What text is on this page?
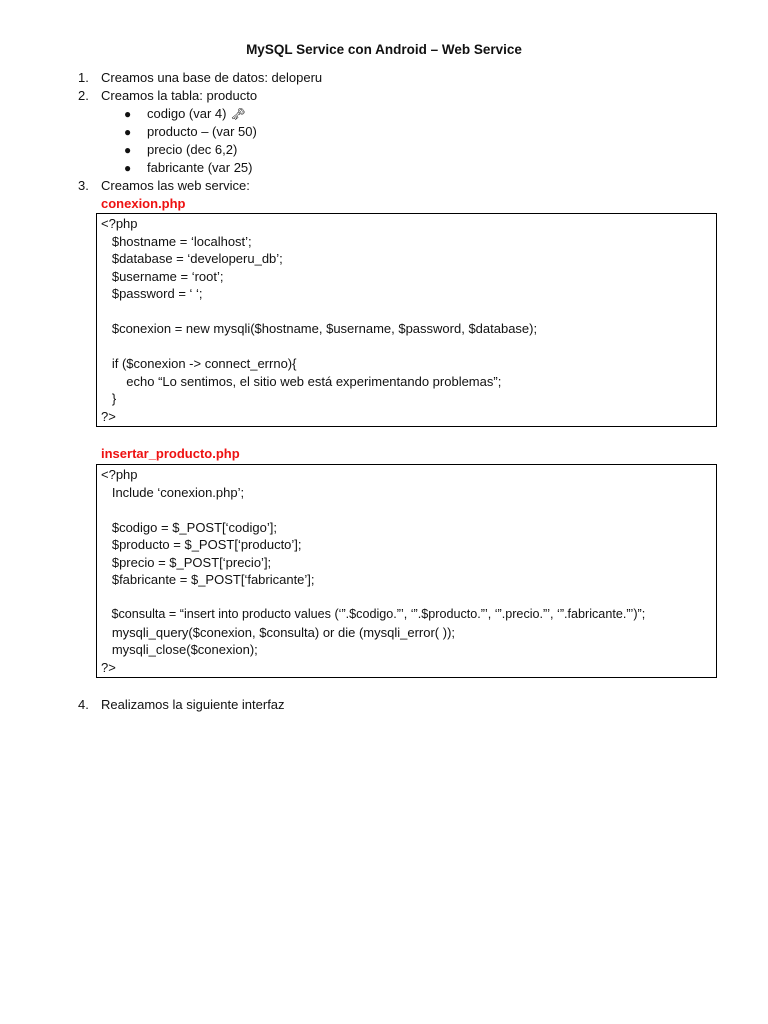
MySQL Service con Android – Web Service
1. Creamos una base de datos: deloperu
2. Creamos la tabla: producto
● codigo (var 4) 🗝
● producto – (var 50)
● precio (dec 6,2)
● fabricante (var 25)
3. Creamos las web service:
conexion.php
<?php
$hostname = ‘localhost’;
$database = ‘developeru_db’;
$username = ‘root’;
$password = ‘ ‘;
$conexion = new mysqli($hostname, $username, $password, $database);
if ($conexion -> connect_errno){
echo “Lo sentimos, el sitio web está experimentando problemas”;
}
?>
insertar_producto.php
<?php
Include ‘conexion.php’;
$codigo = $_POST[‘codigo’];
$producto = $_POST[‘producto’];
$precio = $_POST[‘precio’];
$fabricante = $_POST[‘fabricante’];
$consulta = “insert into producto values (‘”.$codigo.”’, ‘”.$producto.”’, ‘”.precio.”’, ‘”.fabricante.”’)”;
mysqli_query($conexion, $consulta) or die (mysqli_error( ));
mysqli_close($conexion);
?>
4. Realizamos la siguiente interfaz
